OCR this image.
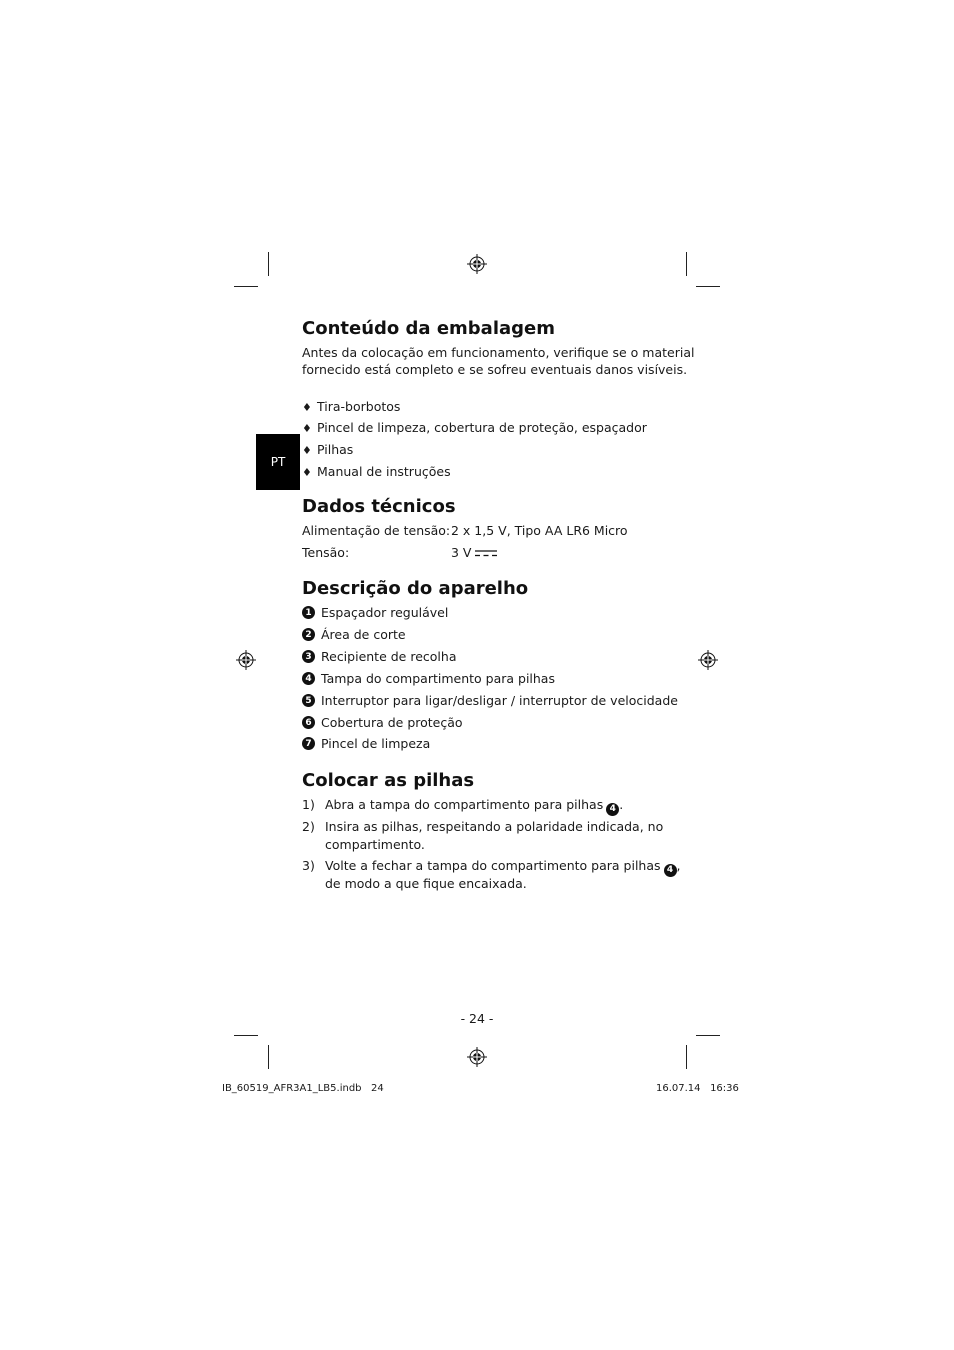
PT
Conteúdo da embalagem
Antes da colocação em funcionamento, verifique se o material
fornecido está completo e se sofreu eventuais danos visíveis.
♦ Tira-borbotos
♦ Pincel de limpeza, cobertura de proteção, espaçador
♦ Pilhas
♦ Manual de instruções
Dados técnicos
Alimentação de tensão: 2 x 1,5 V, Tipo AA LR6 Micro
Tensão:	3 V
Descrição do aparelho
1 Espaçador regulável
2 Área de corte
3 Recipiente de recolha
4 Tampa do compartimento para pilhas
5 Interruptor para ligar/desligar / interruptor de velocidade
6 Cobertura de proteção
7 Pincel de limpeza
Colocar as pilhas
1) Abra a tampa do compartimento para pilhas 4 .
2) Insira as pilhas, respeitando a polaridade indicada, no
compartimento.
3) Volte a fechar a tampa do compartimento para pilhas 4 ,
de modo a que fique encaixada.
- 24 -
IB_60519_AFR3A1_LB5.indb   24	16.07.14   16:36
